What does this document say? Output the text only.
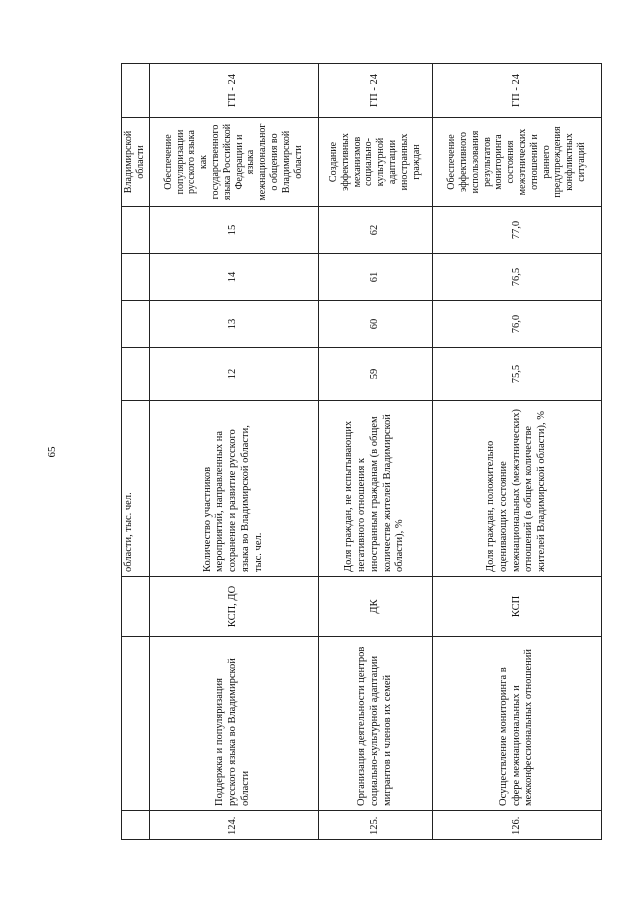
65
			области, тыс. чел.					Владимирской области	
124.	Поддержка и популяризация русского языка во Владимирской области	КСП, ДО	Количество участников мероприятий, направленных на сохранение и развитие русского языка во Владимирской области, тыс. чел.	12	13	14	15	Обеспечение популяризации русского языка как государственного языка Российской Федерации и языка межнационального общения во Владимирской области	ГП - 24
125.	Организация деятельности центров социально-культурной адаптации мигрантов и членов их семей	ДК	Доля граждан, не испытывающих негативного отношения к иностранным гражданам (в общем количестве жителей Владимирской области), %	59	60	61	62	Создание эффективных механизмов социально-культурной адаптации иностранных граждан	ГП - 24
126.	Осуществление мониторинга в сфере межнациональных и межконфессиональных отношений	КСП	Доля граждан, положительно оценивающих состояние межнациональных (межэтнических) отношений (в общем количестве жителей Владимирской области), %	75,5	76,0	76,5	77,0	Обеспечение эффективного использования результатов мониторинга состояния межэтнических отношений и раннего предупреждения конфликтных ситуаций	ГП - 24
